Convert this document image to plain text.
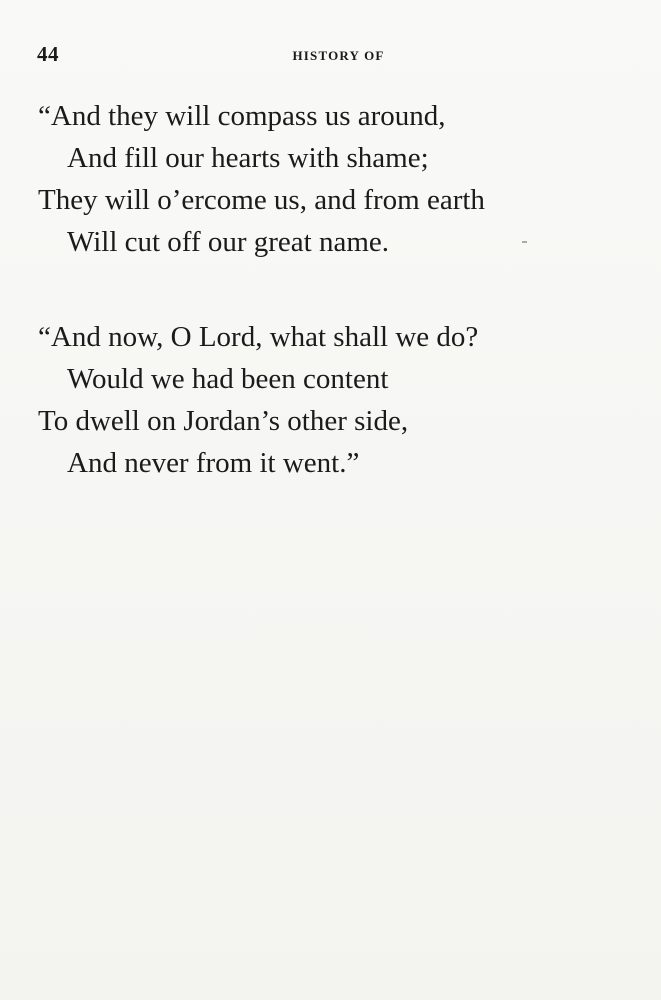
44	HISTORY OF
“And they will compass us around,
And fill our hearts with shame;
They will o’ercome us, and from earth
Will cut off our great name.
“And now, O Lord, what shall we do?
Would we had been content
To dwell on Jordan’s other side,
And never from it went.”
